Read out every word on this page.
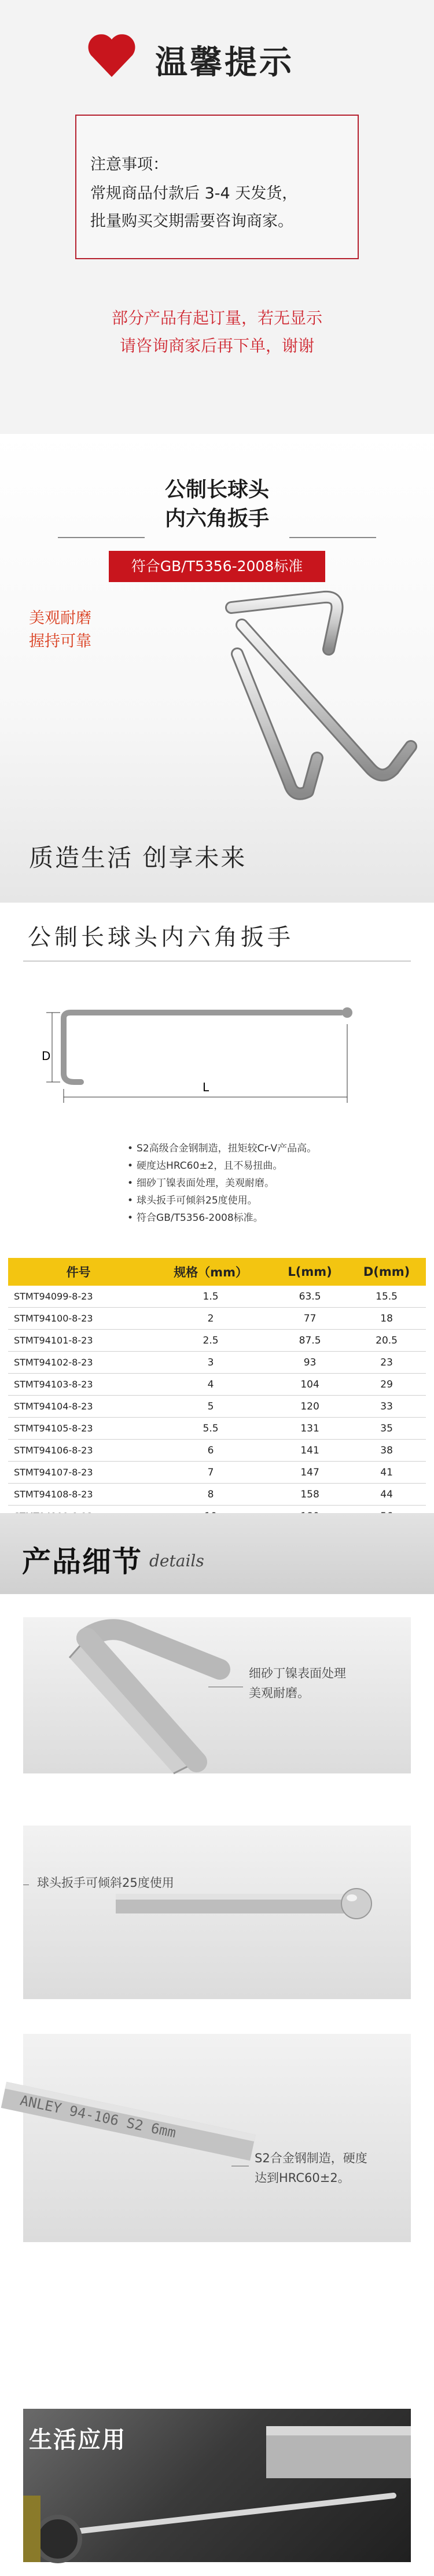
温馨提示
注意事项：
常规商品付款后 3-4 天发货，
批量购买交期需要咨询商家。
部分产品有起订量，若无显示
请咨询商家后再下单，谢谢
公制长球头
内六角扳手
符合GB/T5356-2008标准
美观耐磨
握持可靠
质造生活 创享未来
公制长球头内六角扳手
D
L
• S2高级合金钢制造，扭矩较Cr-V产品高。
• 硬度达HRC60±2，且不易扭曲。
• 细砂丁镍表面处理，美观耐磨。
• 球头扳手可倾斜25度使用。
• 符合GB/T5356-2008标准。
件号	规格（mm）	L(mm)	D(mm)
STMT94099-8-23	1.5	63.5	15.5
STMT94100-8-23	2	77	18
STMT94101-8-23	2.5	87.5	20.5
STMT94102-8-23	3	93	23
STMT94103-8-23	4	104	29
STMT94104-8-23	5	120	33
STMT94105-8-23	5.5	131	35
STMT94106-8-23	6	141	38
STMT94107-8-23	7	147	41
STMT94108-8-23	8	158	44

产品细节 details
细砂丁镍表面处理
美观耐磨。
球头扳手可倾斜25度使用
ANLEY 94-106 S2 6mm
S2合金钢制造，硬度
达到HRC60±2。
生活应用
